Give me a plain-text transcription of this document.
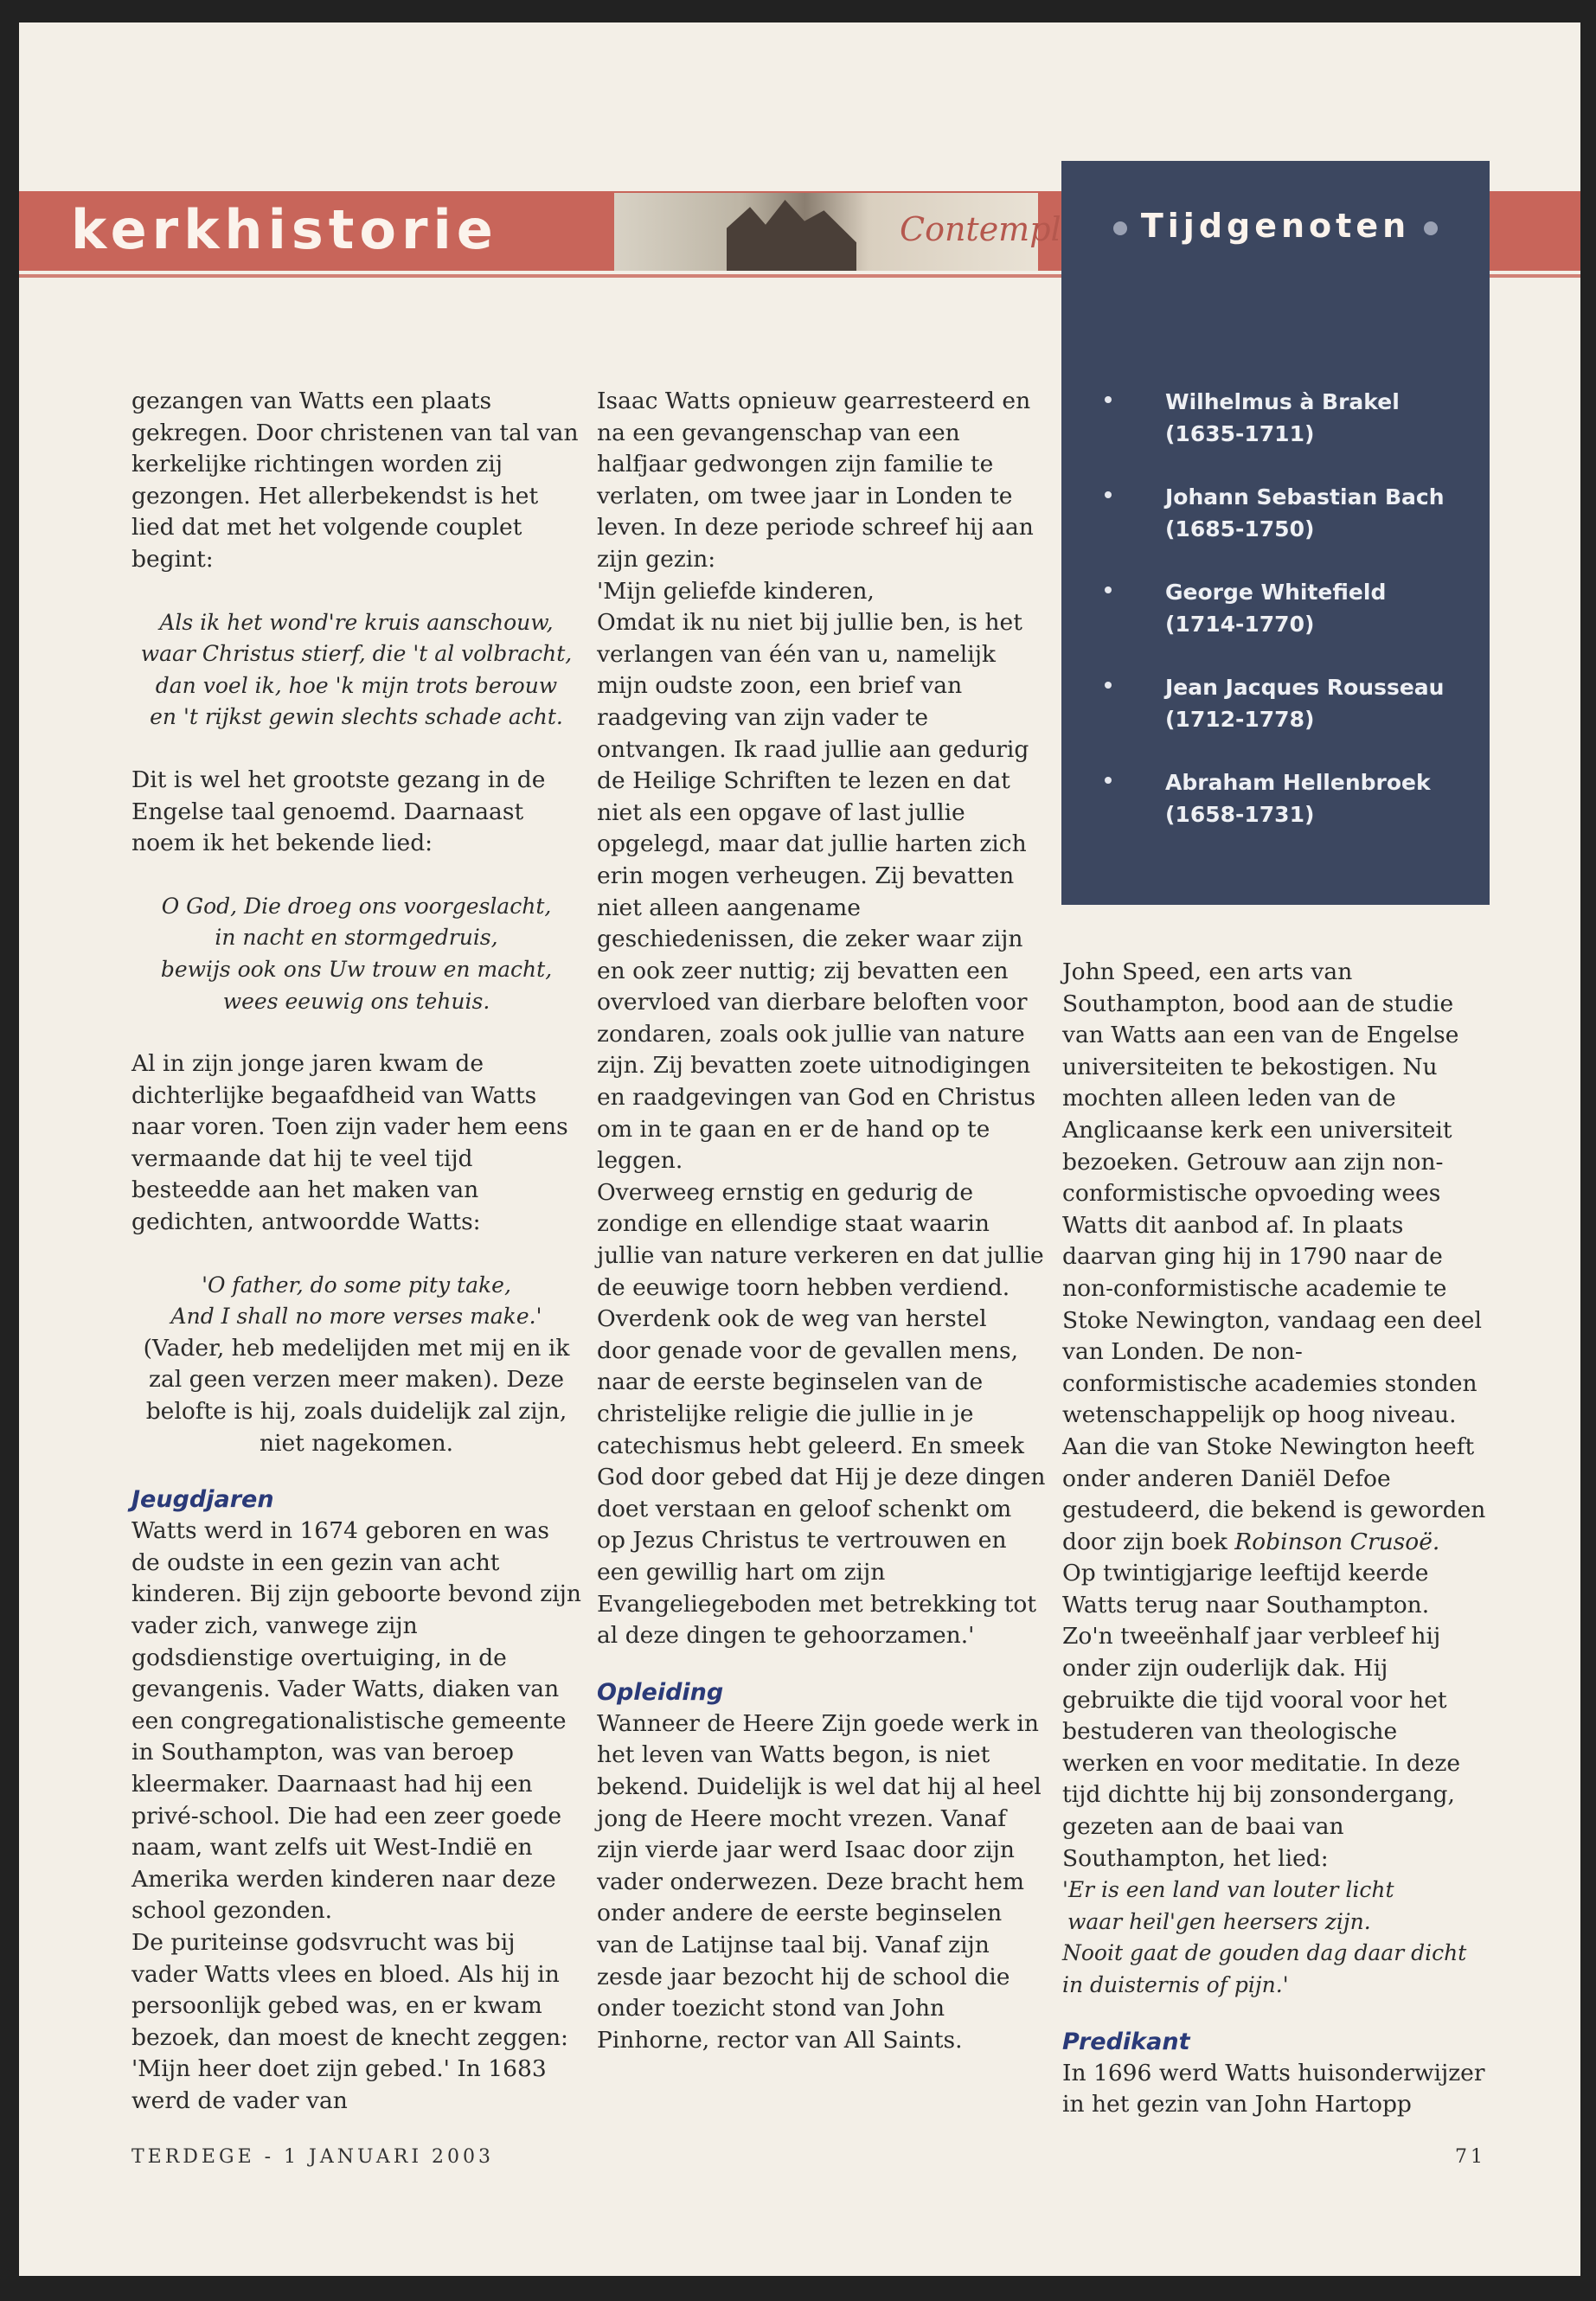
kerkhistorie	Contempl	Tijdgenoten
Wilhelmus à Brakel
(1635-1711)
Johann Sebastian Bach
(1685-1750)
George Whitefield
(1714-1770)
Jean Jacques Rousseau
(1712-1778)
Abraham Hellenbroek
(1658-1731)

gezangen van Watts een plaats gekregen. Door christenen van tal van kerkelijke richtingen worden zij gezongen. Het allerbekendst is het lied dat met het volgende couplet begint:

Als ik het wond're kruis aanschouw,
waar Christus stierf, die 't al volbracht,
dan voel ik, hoe 'k mijn trots berouw
en 't rijkst gewin slechts schade acht.

Dit is wel het grootste gezang in de Engelse taal genoemd. Daarnaast noem ik het bekende lied:

O God, Die droeg ons voorgeslacht,
in nacht en stormgedruis,
bewijs ook ons Uw trouw en macht,
wees eeuwig ons tehuis.

Al in zijn jonge jaren kwam de dichterlijke begaafdheid van Watts naar voren. Toen zijn vader hem eens vermaande dat hij te veel tijd besteedde aan het maken van gedichten, antwoordde Watts:

'O father, do some pity take,
And I shall no more verses make.'

(Vader, heb medelijden met mij en ik zal geen verzen meer maken). Deze belofte is hij, zoals duidelijk zal zijn, niet nagekomen.

Jeugdjaren

Watts werd in 1674 geboren en was de oudste in een gezin van acht kinderen. Bij zijn geboorte bevond zijn vader zich, vanwege zijn godsdienstige overtuiging, in de gevangenis. Vader Watts, diaken van een congregationalistische gemeente in Southampton, was van beroep kleermaker. Daarnaast had hij een privé-school. Die had een zeer goede naam, want zelfs uit West-Indië en Amerika werden kinderen naar deze school gezonden.

De puriteinse godsvrucht was bij vader Watts vlees en bloed. Als hij in persoonlijk gebed was, en er kwam bezoek, dan moest de knecht zeggen: 'Mijn heer doet zijn gebed.' In 1683 werd de vader van

Isaac Watts opnieuw gearresteerd en na een gevangenschap van een halfjaar gedwongen zijn familie te verlaten, om twee jaar in Londen te leven. In deze periode schreef hij aan zijn gezin:

'Mijn geliefde kinderen,

Omdat ik nu niet bij jullie ben, is het verlangen van één van u, namelijk mijn oudste zoon, een brief van raadgeving van zijn vader te ontvangen. Ik raad jullie aan gedurig de Heilige Schriften te lezen en dat niet als een opgave of last jullie opgelegd, maar dat jullie harten zich erin mogen verheugen. Zij bevatten niet alleen aangename geschiedenissen, die zeker waar zijn en ook zeer nuttig; zij bevatten een overvloed van dierbare beloften voor zondaren, zoals ook jullie van nature zijn. Zij bevatten zoete uitnodigingen en raadgevingen van God en Christus om in te gaan en er de hand op te leggen.

Overweeg ernstig en gedurig de zondige en ellendige staat waarin jullie van nature verkeren en dat jullie de eeuwige toorn hebben verdiend. Overdenk ook de weg van herstel door genade voor de gevallen mens, naar de eerste beginselen van de christelijke religie die jullie in je catechismus hebt geleerd. En smeek God door gebed dat Hij je deze dingen doet verstaan en geloof schenkt om op Jezus Christus te vertrouwen en een gewillig hart om zijn Evangeliegeboden met betrekking tot al deze dingen te gehoorzamen.'

Opleiding

Wanneer de Heere Zijn goede werk in het leven van Watts begon, is niet bekend. Duidelijk is wel dat hij al heel jong de Heere mocht vrezen. Vanaf zijn vierde jaar werd Isaac door zijn vader onderwezen. Deze bracht hem onder andere de eerste beginselen van de Latijnse taal bij. Vanaf zijn zesde jaar bezocht hij de school die onder toezicht stond van John Pinhorne, rector van All Saints.

John Speed, een arts van Southampton, bood aan de studie van Watts aan een van de Engelse universiteiten te bekostigen. Nu mochten alleen leden van de Anglicaanse kerk een universiteit bezoeken. Getrouw aan zijn non-conformistische opvoeding wees Watts dit aanbod af. In plaats daarvan ging hij in 1790 naar de non-conformistische academie te Stoke Newington, vandaag een deel van Londen. De non-conformistische academies stonden wetenschappelijk op hoog niveau. Aan die van Stoke Newington heeft onder anderen Daniël Defoe gestudeerd, die bekend is geworden door zijn boek Robinson Crusoë.

Op twintigjarige leeftijd keerde Watts terug naar Southampton. Zo'n tweeënhalf jaar verbleef hij onder zijn ouderlijk dak. Hij gebruikte die tijd vooral voor het bestuderen van theologische werken en voor meditatie. In deze tijd dichtte hij bij zonsondergang, gezeten aan de baai van Southampton, het lied:

'Er is een land van louter licht
waar heil'gen heersers zijn.
Nooit gaat de gouden dag daar dicht
in duisternis of pijn.'
Predikant

In 1696 werd Watts huisonderwijzer in het gezin van John Hartopp

TERDEGE - 1 JANUARI 2003	71
